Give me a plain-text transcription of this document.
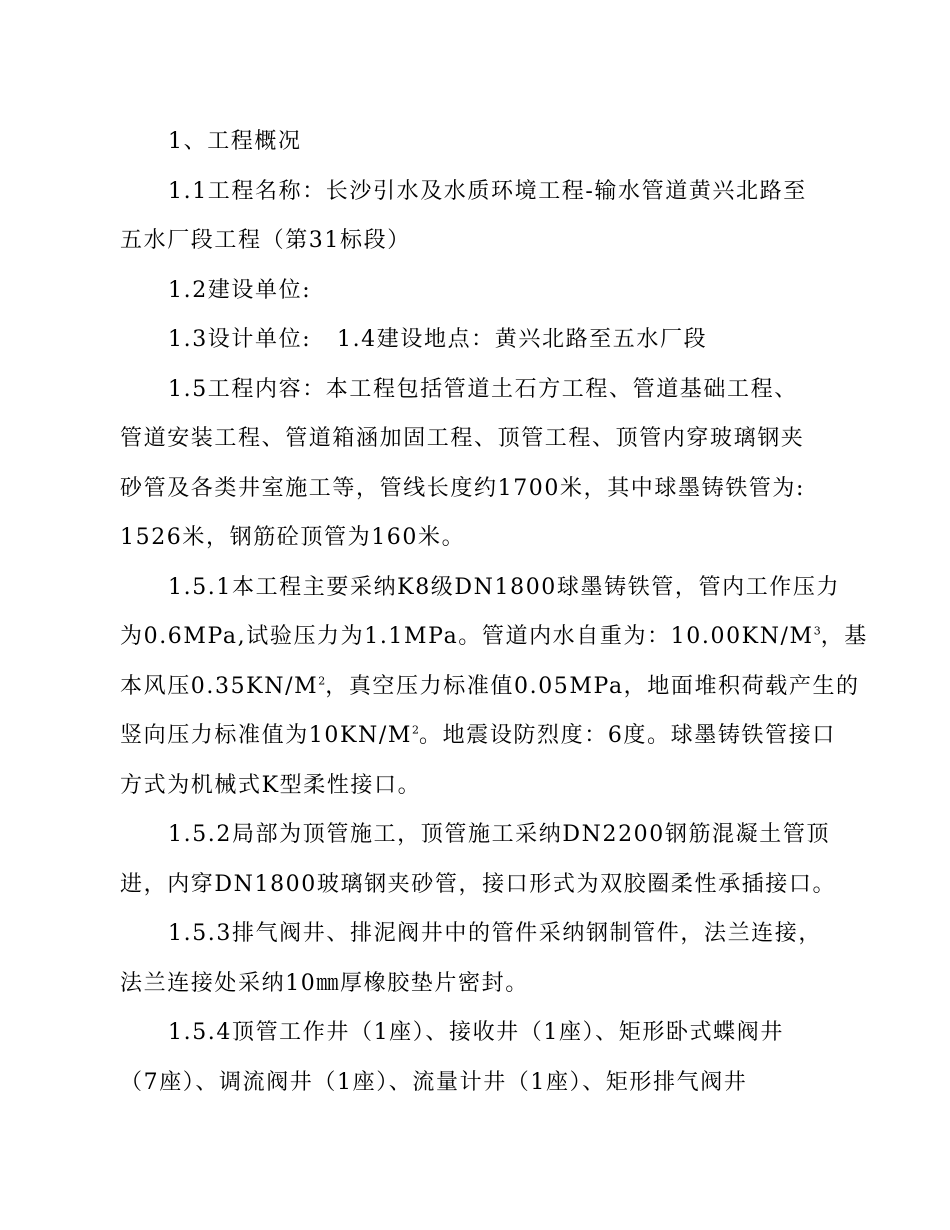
1、工程概况
1.1工程名称：长沙引水及水质环境工程-输水管道黄兴北路至
五水厂段工程（第31标段）
1.2建设单位:
1.3设计单位:   1.4建设地点：黄兴北路至五水厂段
1.5工程内容：本工程包括管道土石方工程、管道基础工程、
管道安装工程、管道箱涵加固工程、顶管工程、顶管内穿玻璃钢夹
砂管及各类井室施工等，管线长度约1700米，其中球墨铸铁管为:
1526米，钢筋砼顶管为160米。
1.5.1本工程主要采纳K8级DN1800球墨铸铁管，管内工作压力
为0.6MPa,试验压力为1.1MPa。管道内水自重为：$10.00KN/M^3$，基
本风压$0.35KN/M^2$，真空压力标准值0.05MPa，地面堆积荷载产生的
竖向压力标准值为$10KN/M^2$。地震设防烈度：6度。球墨铸铁管接口
方式为机械式K型柔性接口。
1.5.2局部为顶管施工，顶管施工采纳DN2200钢筋混凝土管顶
进，内穿DN1800玻璃钢夹砂管，接口形式为双胶圈柔性承插接口。
1.5.3排气阀井、排泥阀井中的管件采纳钢制管件，法兰连接，
法兰连接处采纳10㎜厚橡胶垫片密封。
1.5.4顶管工作井（1座）、接收井（1座）、矩形卧式蝶阀井
（7座）、调流阀井（1座）、流量计井（1座）、矩形排气阀井
